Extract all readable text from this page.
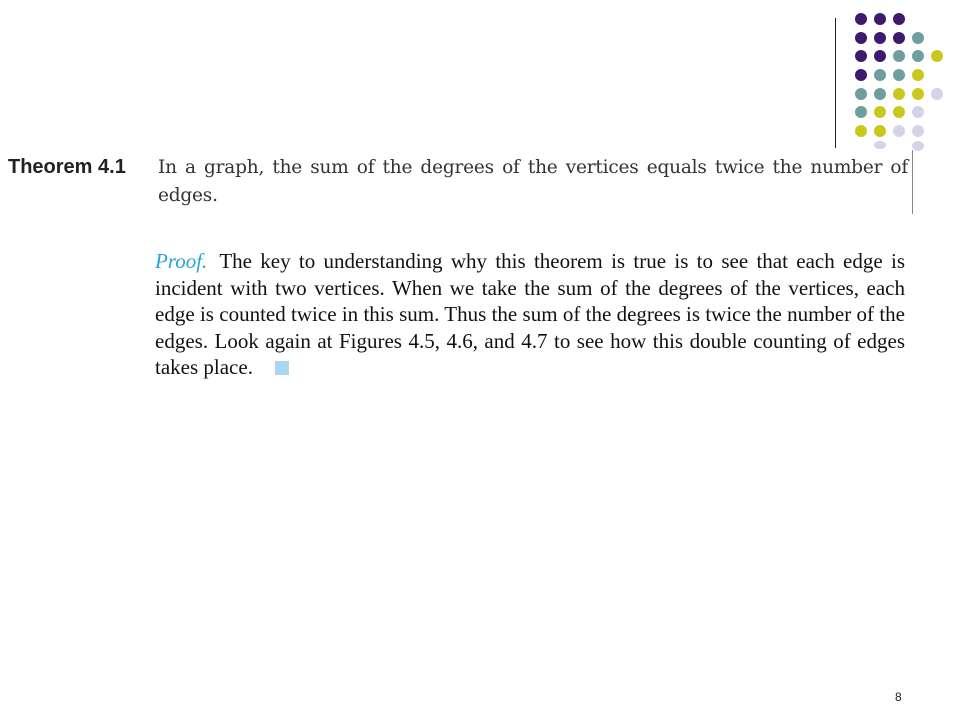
Theorem 4.1 In a graph, the sum of the degrees of the vertices equals twice the number of edges.
Proof. The key to understanding why this theorem is true is to see that each edge is incident with two vertices. When we take the sum of the degrees of the vertices, each edge is counted twice in this sum. Thus the sum of the degrees is twice the number of the edges. Look again at Figures 4.5, 4.6, and 4.7 to see how this double counting of edges takes place.
8
